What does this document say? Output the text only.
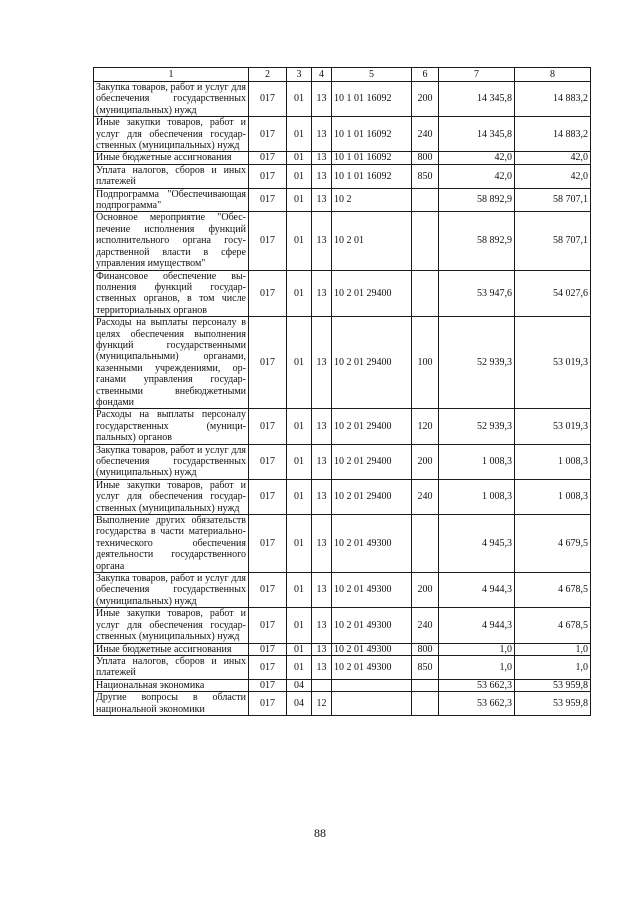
1	2	3	4	5	6	7	8
Закупка товаров, работ и услуг для обеспечения государственных (муниципальных) нужд	017	01	13	10 1 01 16092	200	14 345,8	14 883,2
Иные закупки товаров, работ и услуг для обеспечения государственных (муниципальных) нужд	017	01	13	10 1 01 16092	240	14 345,8	14 883,2
Иные бюджетные ассигнования	017	01	13	10 1 01 16092	800	42,0	42,0
Уплата налогов, сборов и иных платежей	017	01	13	10 1 01 16092	850	42,0	42,0
Подпрограмма "Обеспечивающая подпрограмма"	017	01	13	10 2		58 892,9	58 707,1
Основное мероприятие "Обеспечение исполнения функций исполнительного органа государственной власти в сфере управления имуществом"	017	01	13	10 2 01		58 892,9	58 707,1
Финансовое обеспечение выполнения функций государственных органов, в том числе территориальных органов	017	01	13	10 2 01 29400		53 947,6	54 027,6
Расходы на выплаты персоналу в целях обеспечения выполнения функций государственными (муниципальными) органами, казенными учреждениями, органами управления государственными внебюджетными фондами	017	01	13	10 2 01 29400	100	52 939,3	53 019,3
Расходы на выплаты персоналу государственных (муниципальных) органов	017	01	13	10 2 01 29400	120	52 939,3	53 019,3
Закупка товаров, работ и услуг для обеспечения государственных (муниципальных) нужд	017	01	13	10 2 01 29400	200	1 008,3	1 008,3
Иные закупки товаров, работ и услуг для обеспечения государственных (муниципальных) нужд	017	01	13	10 2 01 29400	240	1 008,3	1 008,3
Выполнение других обязательств государства в части материально-технического обеспечения деятельности государственного органа	017	01	13	10 2 01 49300		4 945,3	4 679,5
Закупка товаров, работ и услуг для обеспечения государственных (муниципальных) нужд	017	01	13	10 2 01 49300	200	4 944,3	4 678,5
Иные закупки товаров, работ и услуг для обеспечения государственных (муниципальных) нужд	017	01	13	10 2 01 49300	240	4 944,3	4 678,5
Иные бюджетные ассигнования	017	01	13	10 2 01 49300	800	1,0	1,0
Уплата налогов, сборов и иных платежей	017	01	13	10 2 01 49300	850	1,0	1,0
Национальная экономика	017	04				53 662,3	53 959,8
Другие вопросы в области национальной экономики	017	04	12			53 662,3	53 959,8
88
